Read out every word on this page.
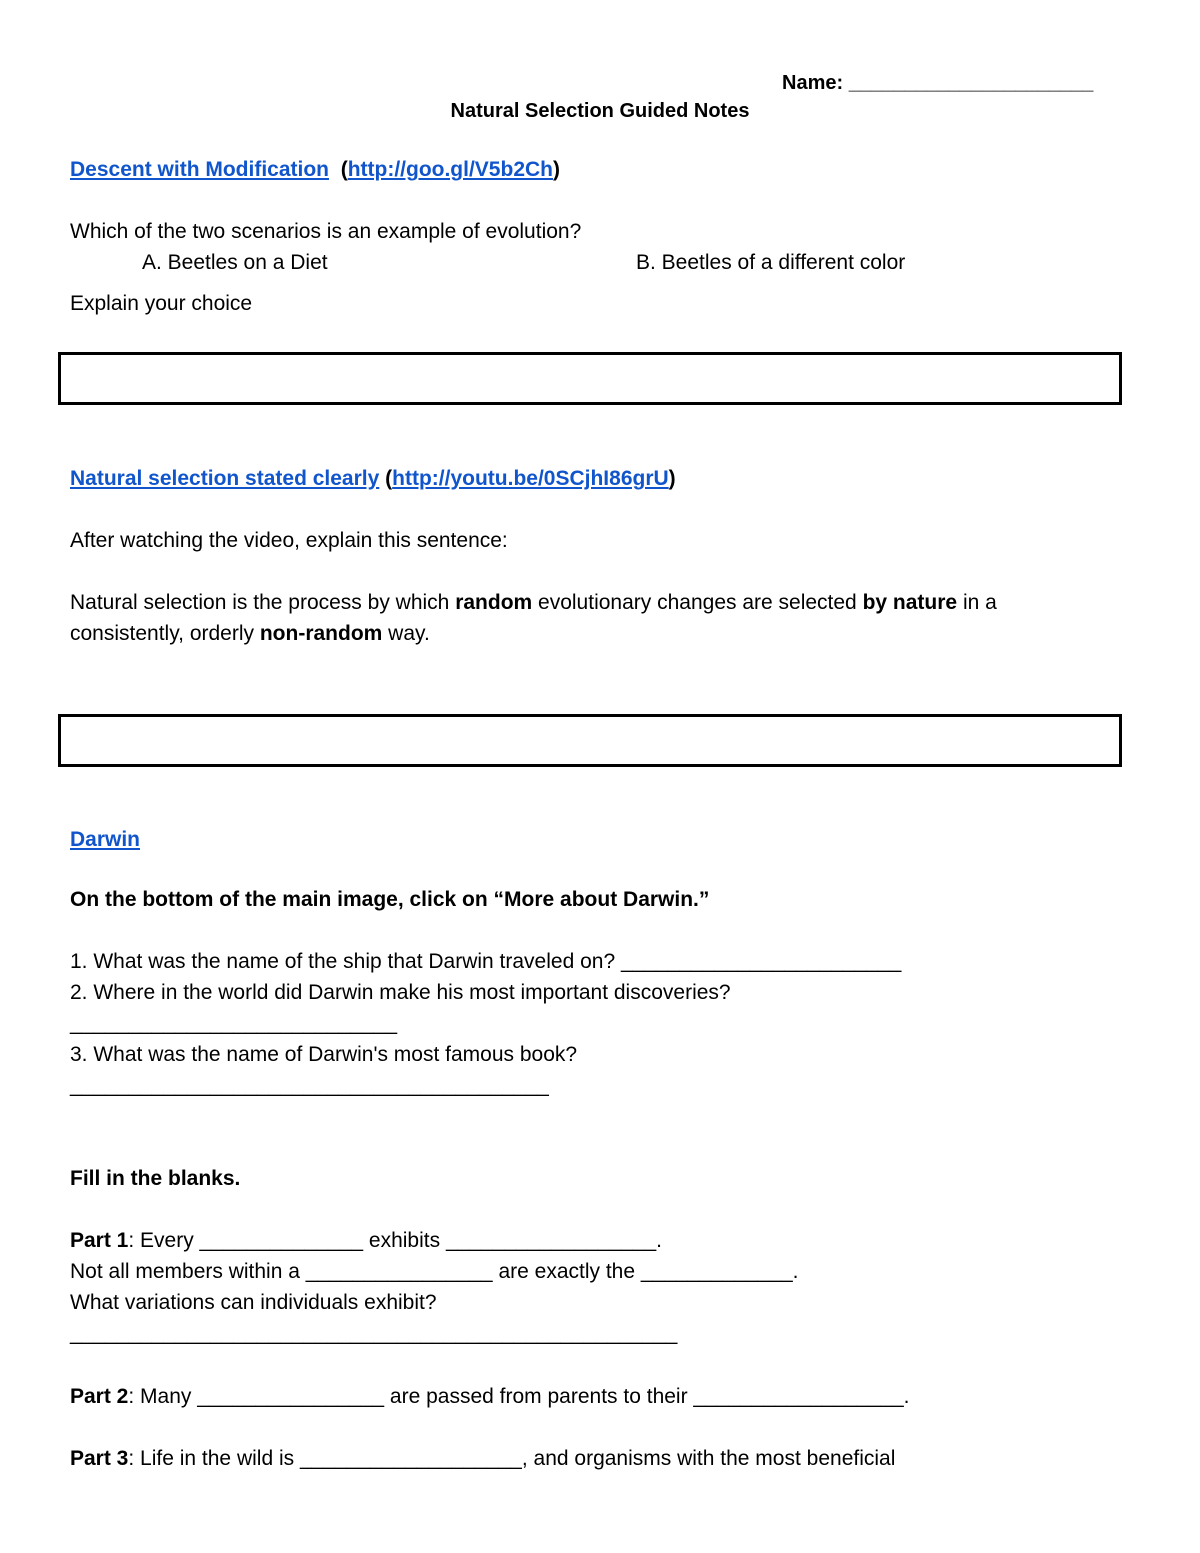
Name: ______________________
Natural Selection Guided Notes
Descent with Modification (http://goo.gl/V5b2Ch)
Which of the two scenarios is an example of evolution?
A. Beetles on a Diet	B. Beetles of a different color
Explain your choice
Natural selection stated clearly (http://youtu.be/0SCjhI86grU)
After watching the video, explain this sentence:
Natural selection is the process by which random evolutionary changes are selected by nature in a
consistently, orderly non-random way.
Darwin
On the bottom of the main image, click on “More about Darwin.”
1. What was the name of the ship that Darwin traveled on? ________________________
2. Where in the world did Darwin make his most important discoveries?
____________________________
3. What was the name of Darwin's most famous book?
_________________________________________
Fill in the blanks.
Part 1: Every ______________ exhibits __________________.
Not all members within a ________________ are exactly the _____________.
What variations can individuals exhibit?
____________________________________________________
Part 2: Many ________________ are passed from parents to their __________________.
Part 3: Life in the wild is ___________________, and organisms with the most beneficial
